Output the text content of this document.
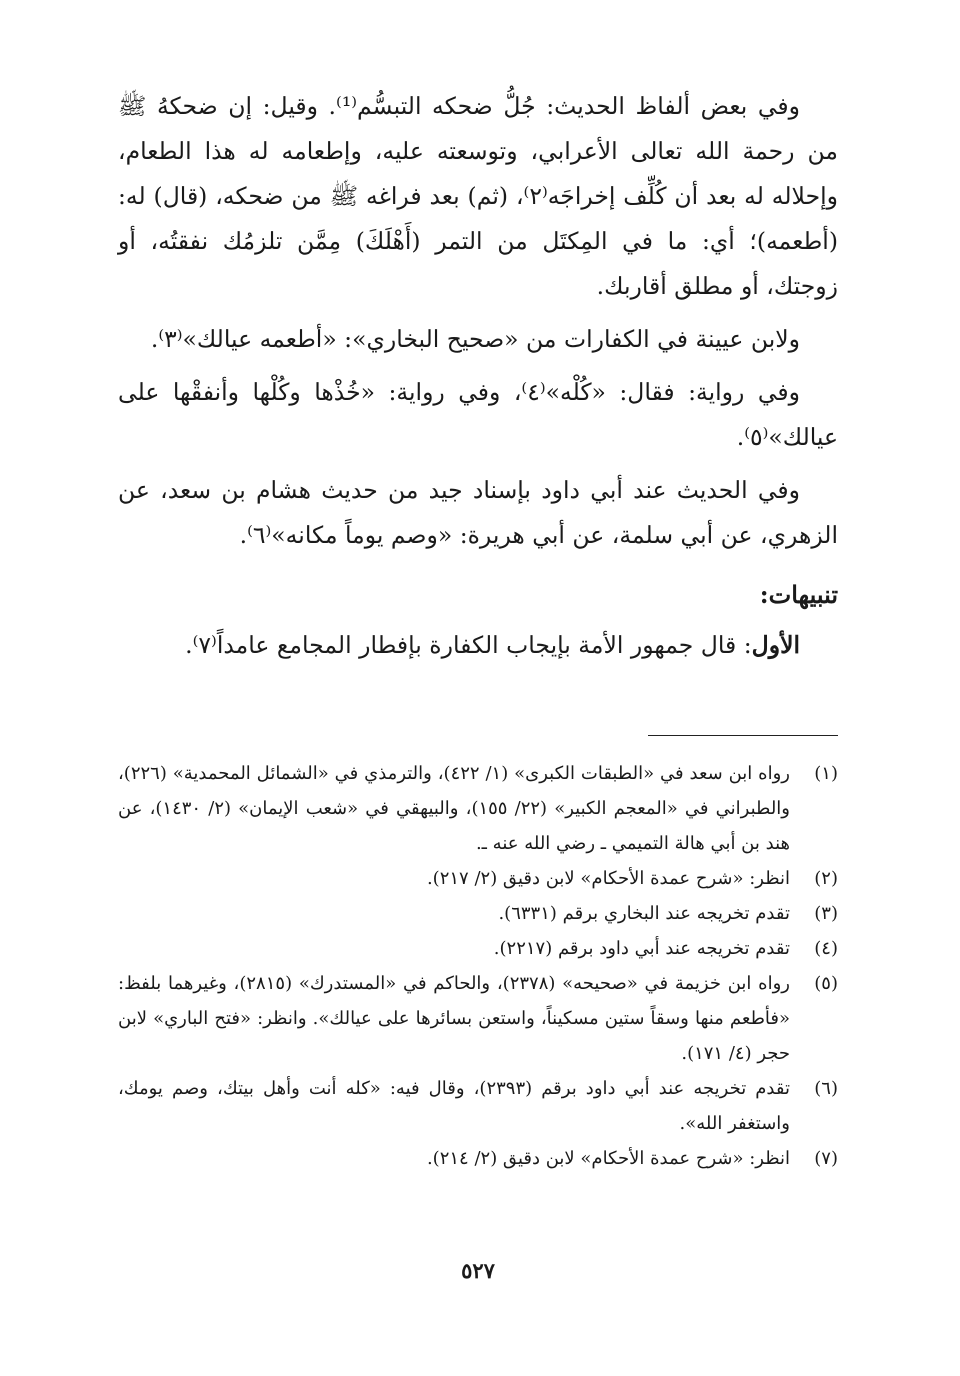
وفي بعض ألفاظ الحديث: جُلُّ ضحكه التبسُّم⁽¹⁾. وقيل: إن ضحكهُ ﷺ من رحمة الله تعالى الأعرابي، وتوسعته عليه، وإطعامه له هذا الطعام، وإحلاله له بعد أن كُلِّف إخراجَه⁽٢⁾، (ثم) بعد فراغه ﷺ من ضحكه، (قال) له: (أطعمه)؛ أي: ما في المِكتَل من التمر (أَهْلَكَ) مِمَّن تلزمُك نفقتُه، أو زوجتك، أو مطلق أقاربك.

ولابن عيينة في الكفارات من «صحيح البخاري»: «أطعمه عيالك»⁽٣⁾.

وفي رواية: فقال: «كُلْه»⁽٤⁾، وفي رواية: «خُذْها وكُلْها وأنفقْها على عيالك»⁽٥⁾.

وفي الحديث عند أبي داود بإسناد جيد من حديث هشام بن سعد، عن الزهري، عن أبي سلمة، عن أبي هريرة: «وصم يوماً مكانه»⁽٦⁾.

تنبيهات:

الأول: قال جمهور الأمة بإيجاب الكفارة بإفطار المجامع عامداً⁽٧⁾.

(١)
رواه ابن سعد في «الطبقات الكبرى» (١/ ٤٢٢)، والترمذي في «الشمائل المحمدية» (٢٢٦)، والطبراني في «المعجم الكبير» (٢٢/ ١٥٥)، والبيهقي في «شعب الإيمان» (٢/ ١٤٣٠)، عن هند بن أبي هالة التميمي ـ رضي الله عنه ـ.
(٢)
انظر: «شرح عمدة الأحكام» لابن دقيق (٢/ ٢١٧).
(٣)
تقدم تخريجه عند البخاري برقم (٦٣٣١).
(٤)
تقدم تخريجه عند أبي داود برقم (٢٢١٧).
(٥)
رواه ابن خزيمة في «صحيحه» (٢٣٧٨)، والحاكم في «المستدرك» (٢٨١٥)، وغيرهما بلفظ: «فأطعم منها وسقاً ستين مسكيناً، واستعن بسائرها على عيالك». وانظر: «فتح الباري» لابن حجر (٤/ ١٧١).
(٦)
تقدم تخريجه عند أبي داود برقم (٢٣٩٣)، وقال فيه: «كله أنت وأهل بيتك، وصم يومك، واستغفر الله».
(٧)
انظر: «شرح عمدة الأحكام» لابن دقيق (٢/ ٢١٤).
٥٢٧
